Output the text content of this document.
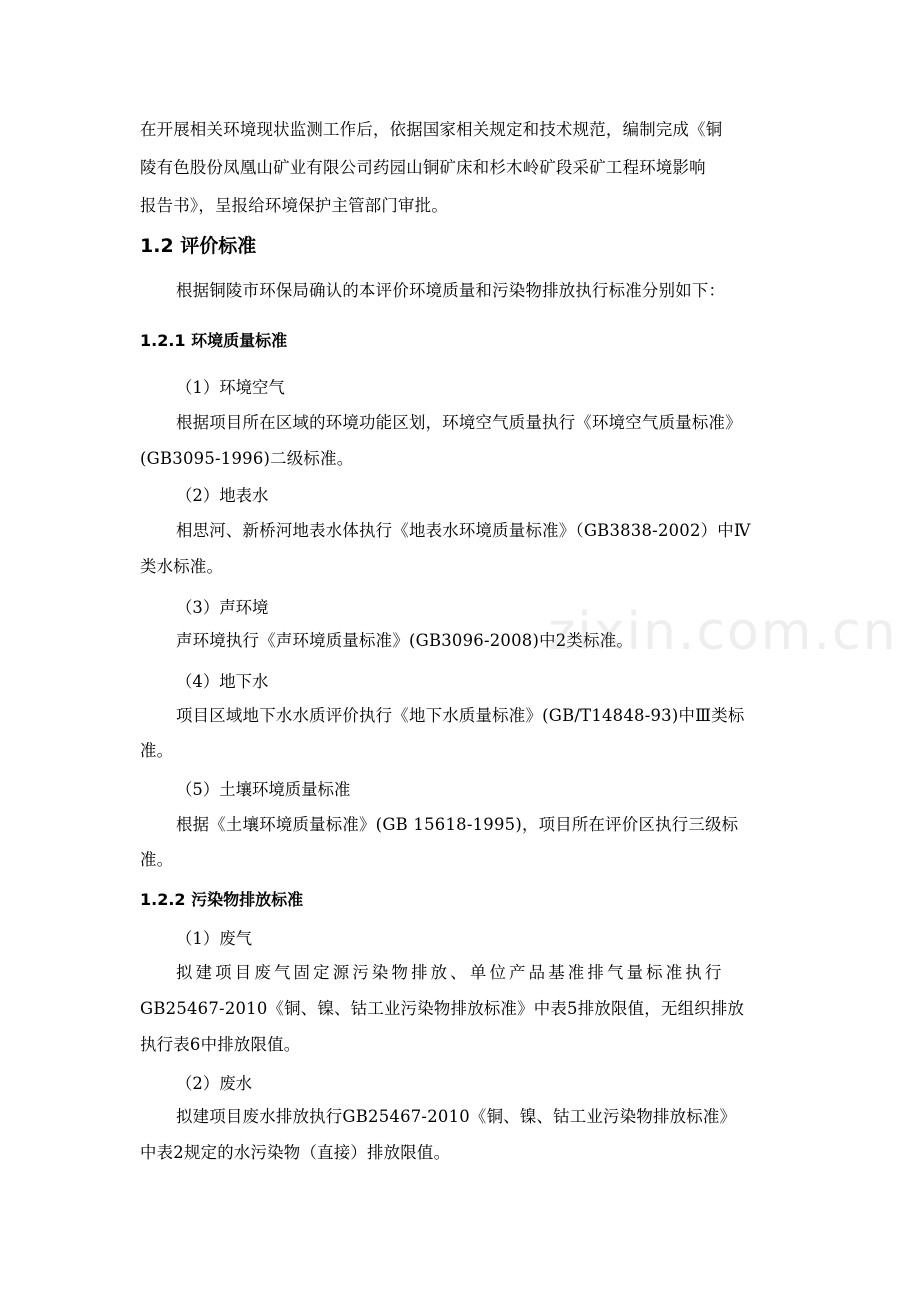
在开展相关环境现状监测工作后，依据国家相关规定和技术规范，编制完成《铜
陵有色股份凤凰山矿业有限公司药园山铜矿床和杉木岭矿段采矿工程环境影响
报告书》，呈报给环境保护主管部门审批。
1.2 评价标准
根据铜陵市环保局确认的本评价环境质量和污染物排放执行标准分别如下：
1.2.1 环境质量标准
（1）环境空气
根据项目所在区域的环境功能区划，环境空气质量执行《环境空气质量标准》
(GB3095-1996)二级标准。
（2）地表水
相思河、新桥河地表水体执行《地表水环境质量标准》（GB3838-2002）中Ⅳ
类水标准。
（3）声环境
声环境执行《声环境质量标准》(GB3096-2008)中2类标准。
（4）地下水
项目区域地下水水质评价执行《地下水质量标准》(GB/T14848-93)中Ⅲ类标
准。
（5）土壤环境质量标准
根据《土壤环境质量标准》(GB 15618-1995)，项目所在评价区执行三级标
准。
1.2.2 污染物排放标准
（1）废气
拟建项目废气固定源污染物排放、单位产品基准排气量标准执行
GB25467-2010《铜、镍、钴工业污染物排放标准》中表5排放限值，无组织排放
执行表6中排放限值。
（2）废水
拟建项目废水排放执行GB25467-2010《铜、镍、钴工业污染物排放标准》
中表2规定的水污染物（直接）排放限值。
zixin.com.cn
